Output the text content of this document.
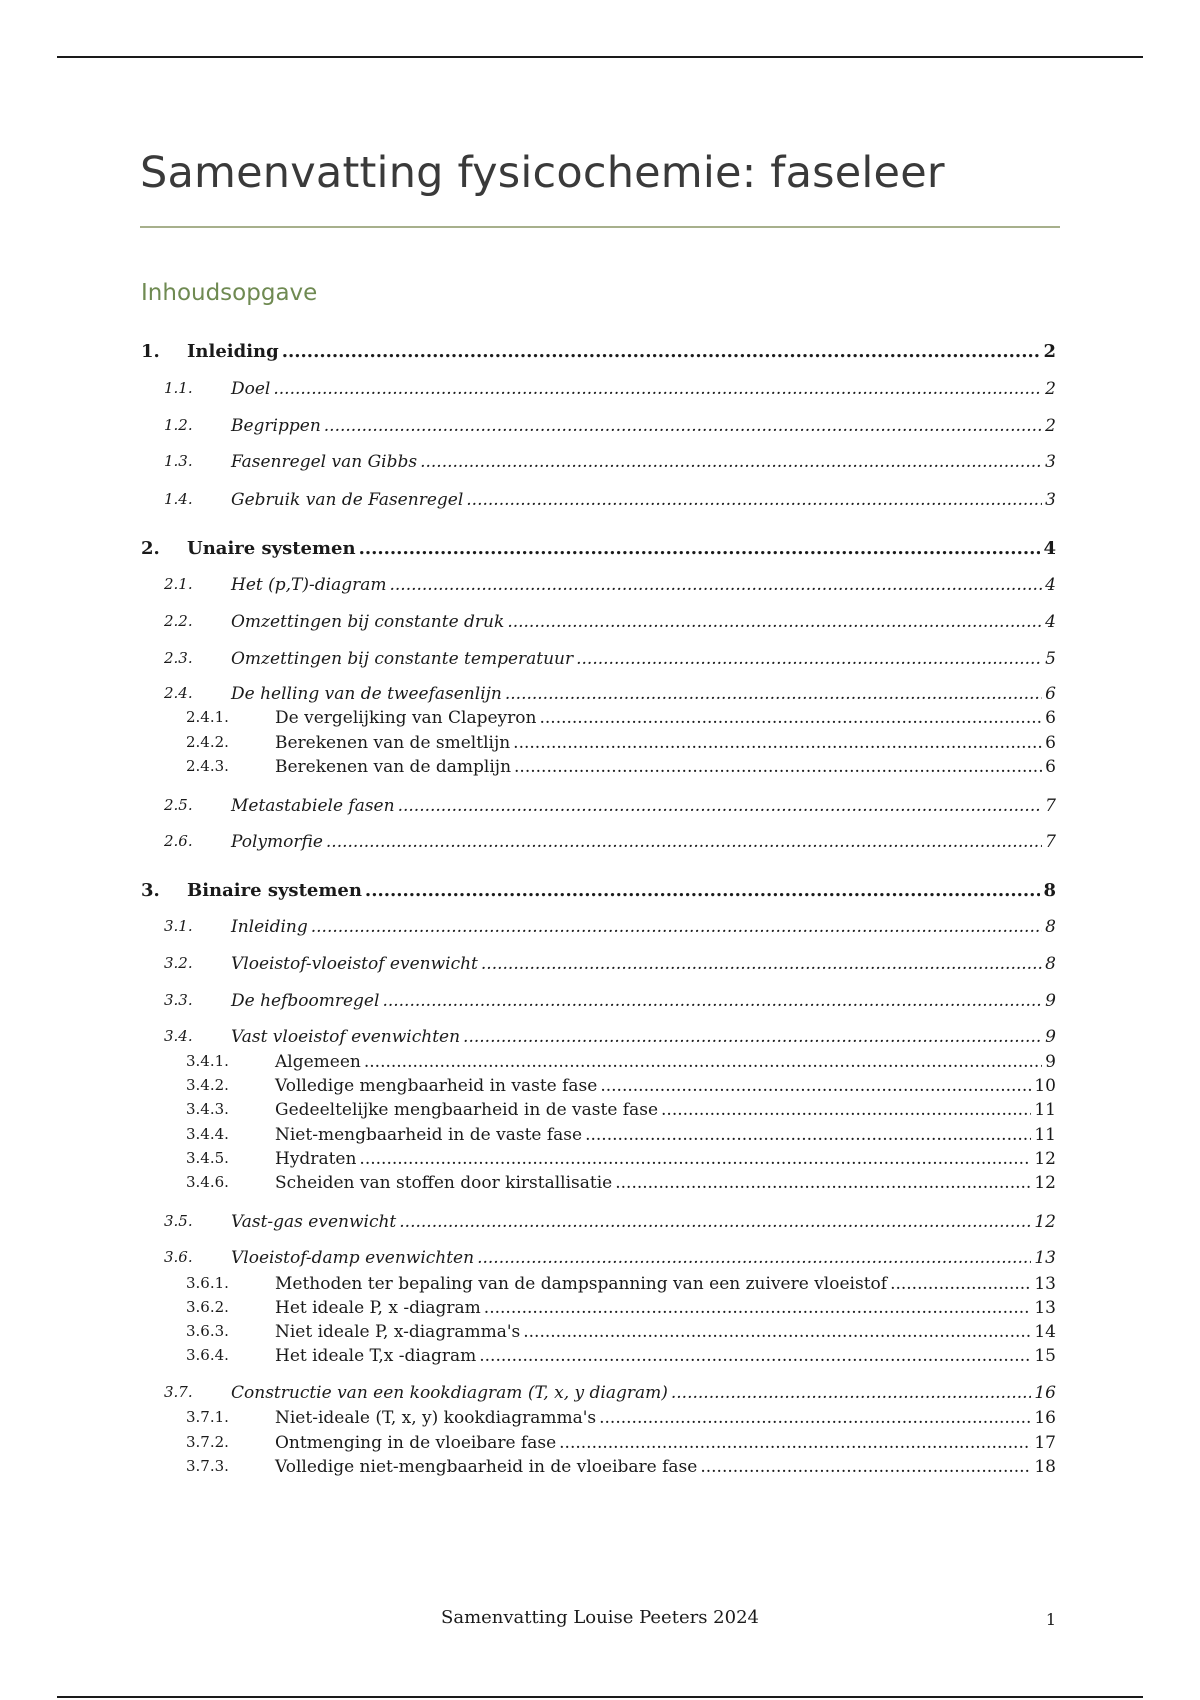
Samenvatting fysicochemie: faseleer
Inhoudsopgave
1. Inleiding .....	2
1.1. Doel .....	2
1.2. Begrippen .....	2
1.3. Fasenregel van Gibbs .....	3
1.4. Gebruik van de Fasenregel .....	3
2. Unaire systemen .....	4
2.1. Het (p,T)-diagram .....	4
2.2. Omzettingen bij constante druk .....	4
2.3. Omzettingen bij constante temperatuur .....	5
2.4. De helling van de tweefasenlijn .....	6
2.4.1.	De vergelijking van Clapeyron .....	6
2.4.2.	Berekenen van de smeltlijn .....	6
2.4.3.	Berekenen van de damplijn .....	6
2.5. Metastabiele fasen .....	7
2.6. Polymorfie .....	7
3. Binaire systemen .....	8
3.1. Inleiding .....	8
3.2. Vloeistof-vloeistof evenwicht .....	8
3.3. De hefboomregel .....	9
3.4. Vast vloeistof evenwichten .....	9
3.4.1.	Algemeen .....	9
3.4.2.	Volledige mengbaarheid in vaste fase .....	10
3.4.3.	Gedeeltelijke mengbaarheid in de vaste fase .....	11
3.4.4.	Niet-mengbaarheid in de vaste fase .....	11
3.4.5.	Hydraten .....	12
3.4.6.	Scheiden van stoffen door kirstallisatie .....	12
3.5. Vast-gas evenwicht .....	12
3.6. Vloeistof-damp evenwichten .....	13
3.6.1.	Methoden ter bepaling van de dampspanning van een zuivere vloeistof .....	13
3.6.2.	Het ideale P, x -diagram .....	13
3.6.3.	Niet ideale P, x-diagramma's .....	14
3.6.4.	Het ideale T,x -diagram .....	15
3.7. Constructie van een kookdiagram (T, x, y diagram) .....	16
3.7.1.	Niet-ideale (T, x, y) kookdiagramma's .....	16
3.7.2.	Ontmenging in de vloeibare fase .....	17
3.7.3.	Volledige niet-mengbaarheid in de vloeibare fase .....	18
Samenvatting Louise Peeters 2024	1
